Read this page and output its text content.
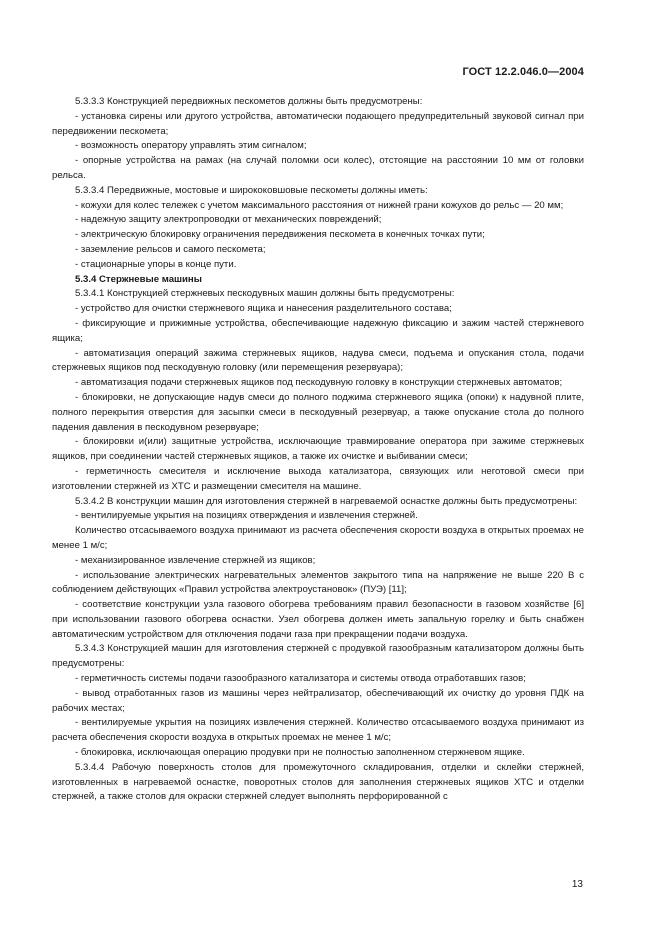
ГОСТ 12.2.046.0—2004

5.3.3.3 Конструкцией передвижных пескометов должны быть предусмотрены:

- установка сирены или другого устройства, автоматически подающего предупредительный звуковой сигнал при передвижении пескомета;

- возможность оператору управлять этим сигналом;

- опорные устройства на рамах (на случай поломки оси колес), отстоящие на расстоянии 10 мм от головки рельса.

5.3.3.4 Передвижные, мостовые и ширококовшовые пескометы должны иметь:

- кожухи для колес тележек с учетом максимального расстояния от нижней грани кожухов до рельс — 20 мм;

- надежную защиту электропроводки от механических повреждений;

- электрическую блокировку ограничения передвижения пескомета в конечных точках пути;

- заземление рельсов и самого пескомета;

- стационарные упоры в конце пути.

5.3.4 Стержневые машины

5.3.4.1 Конструкцией стержневых пескодувных машин должны быть предусмотрены:

- устройство для очистки стержневого ящика и нанесения разделительного состава;

- фиксирующие и прижимные устройства, обеспечивающие надежную фиксацию и зажим частей стержневого ящика;

- автоматизация операций зажима стержневых ящиков, надува смеси, подъема и опускания стола, подачи стержневых ящиков под пескодувную головку (или перемещения резервуара);

- автоматизация подачи стержневых ящиков под пескодувную головку в конструкции стержневых автоматов;

- блокировки, не допускающие надув смеси до полного поджима стержневого ящика (опоки) к надувной плите, полного перекрытия отверстия для засыпки смеси в пескодувный резервуар, а также опускание стола до полного падения давления в пескодувном резервуаре;

- блокировки и(или) защитные устройства, исключающие травмирование оператора при зажиме стержневых ящиков, при соединении частей стержневых ящиков, а также их очистке и выбивании смеси;

- герметичность смесителя и исключение выхода катализатора, связующих или неготовой смеси при изготовлении стержней из ХТС и размещении смесителя на машине.

5.3.4.2 В конструкции машин для изготовления стержней в нагреваемой оснастке должны быть предусмотрены:

- вентилируемые укрытия на позициях отверждения и извлечения стержней.

Количество отсасываемого воздуха принимают из расчета обеспечения скорости воздуха в открытых проемах не менее 1 м/с;

- механизированное извлечение стержней из ящиков;

- использование электрических нагревательных элементов закрытого типа на напряжение не выше 220 В с соблюдением действующих «Правил устройства электроустановок» (ПУЭ) [11];

- соответствие конструкции узла газового обогрева требованиям правил безопасности в газовом хозяйстве [6] при использовании газового обогрева оснастки. Узел обогрева должен иметь запальную горелку и быть снабжен автоматическим устройством для отключения подачи газа при прекращении подачи воздуха.

5.3.4.3 Конструкцией машин для изготовления стержней с продувкой газообразным катализатором должны быть предусмотрены:

- герметичность системы подачи газообразного катализатора и системы отвода отработавших газов;

- вывод отработанных газов из машины через нейтрализатор, обеспечивающий их очистку до уровня ПДК на рабочих местах;

- вентилируемые укрытия на позициях извлечения стержней. Количество отсасываемого воздуха принимают из расчета обеспечения скорости воздуха в открытых проемах не менее 1 м/с;

- блокировка, исключающая операцию продувки при не полностью заполненном стержневом ящике.

5.3.4.4 Рабочую поверхность столов для промежуточного складирования, отделки и склейки стержней, изготовленных в нагреваемой оснастке, поворотных столов для заполнения стержневых ящиков ХТС и отделки стержней, а также столов для окраски стержней следует выполнять перфорированной с

13
